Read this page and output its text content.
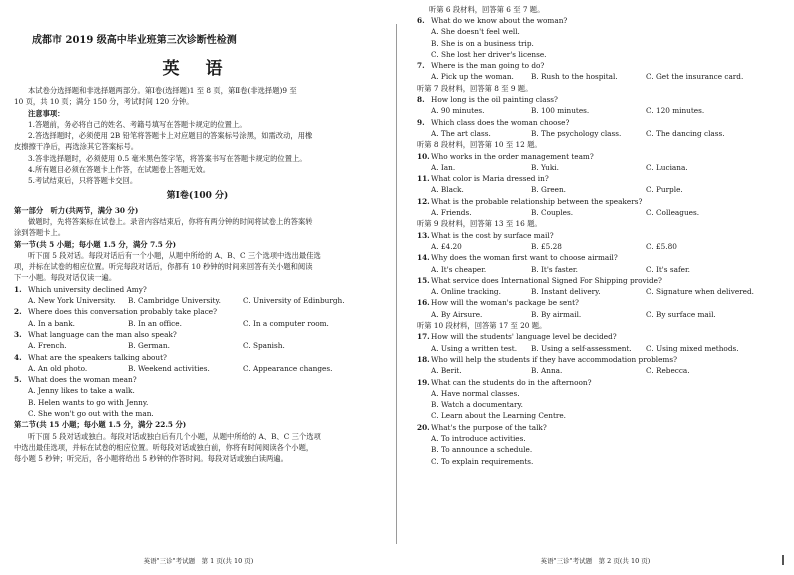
成都市 2019 级高中毕业班第三次诊断性检测
英 语
本试卷分选择题和非选择题两部分。第Ⅰ卷(选择题)1 至 8 页，第Ⅱ卷(非选择题)9 至
10 页，共 10 页；满分 150 分，考试时间 120 分钟。
注意事项：
1.答题前，务必将自己的姓名、考籍号填写在答题卡规定的位置上。
2.答选择题时，必须使用 2B 铅笔将答题卡上对应题目的答案标号涂黑，如需改动，用橡
皮擦擦干净后，再选涂其它答案标号。
3.答非选择题时，必须使用 0.5 毫米黑色签字笔，将答案书写在答题卡规定的位置上。
4.所有题目必须在答题卡上作答，在试题卷上答题无效。
5.考试结束后，只将答题卡交回。
第Ⅰ卷(100 分)
第一部分　听力(共两节，满分 30 分)
做题时，先将答案标在试卷上。录音内容结束后，你将有两分钟的时间将试卷上的答案转
涂到答题卡上。
第一节(共 5 小题；每小题 1.5 分，满分 7.5 分)
听下面 5 段对话。每段对话后有一个小题，从题中所给的 A、B、C 三个选项中选出最佳选
项，并标在试卷的相应位置。听完每段对话后，你都有 10 秒钟的时间来回答有关小题和阅读
下一小题。每段对话仅读一遍。
1. Which university declined Amy?
A. New York University.	B. Cambridge University.	C. University of Edinburgh.
2. Where does this conversation probably take place?
A. In a bank.	B. In an office.	C. In a computer room.
3. What language can the man also speak?
A. French.	B. German.	C. Spanish.
4. What are the speakers talking about?
A. An old photo.	B. Weekend activities.	C. Appearance changes.
5. What does the woman mean?
A. Jenny likes to take a walk.
B. Helen wants to go with Jenny.
C. She won't go out with the man.
第二节(共 15 小题；每小题 1.5 分，满分 22.5 分)
听下面 5 段对话或独白。每段对话或独白后有几个小题，从题中所给的 A、B、C 三个选项
中选出最佳选项，并标在试卷的相应位置。听每段对话或独白前，你将有时间阅读各个小题，
每小题 5 秒钟；听完后，各小题将给出 5 秒钟的作答时间。每段对话或独白读两遍。
英语"三诊"考试题　第 1 页(共 10 页)
听第 6 段材料，回答第 6 至 7 题。
6. What do we know about the woman?
A. She doesn't feel well.
B. She is on a business trip.
C. She lost her driver's license.
7. Where is the man going to do?
A. Pick up the woman.	B. Rush to the hospital.	C. Get the insurance card.
听第 7 段材料，回答第 8 至 9 题。
8. How long is the oil painting class?
A. 90 minutes.	B. 100 minutes.	C. 120 minutes.
9. Which class does the woman choose?
A. The art class.	B. The psychology class.	C. The dancing class.
听第 8 段材料，回答第 10 至 12 题。
10. Who works in the order management team?
A. Ian.	B. Yuki.	C. Luciana.
11. What color is Maria dressed in?
A. Black.	B. Green.	C. Purple.
12. What is the probable relationship between the speakers?
A. Friends.	B. Couples.	C. Colleagues.
听第 9 段材料，回答第 13 至 16 题。
13. What is the cost by surface mail?
A. £4.20	B. £5.28	C. £5.80
14. Why does the woman first want to choose airmail?
A. It's cheaper.	B. It's faster.	C. It's safer.
15. What service does International Signed For Shipping provide?
A. Online tracking.	B. Instant delivery.	C. Signature when delivered.
16. How will the woman's package be sent?
A. By Airsure.	B. By airmail.	C. By surface mail.
听第 10 段材料，回答第 17 至 20 题。
17. How will the students' language level be decided?
A. Using a written test.	B. Using a self-assessment.	C. Using mixed methods.
18. Who will help the students if they have accommodation problems?
A. Berit.	B. Anna.	C. Rebecca.
19. What can the students do in the afternoon?
A. Have normal classes.
B. Watch a documentary.
C. Learn about the Learning Centre.
20. What's the purpose of the talk?
A. To introduce activities.
B. To announce a schedule.
C. To explain requirements.
英语"三诊"考试题　第 2 页(共 10 页)
